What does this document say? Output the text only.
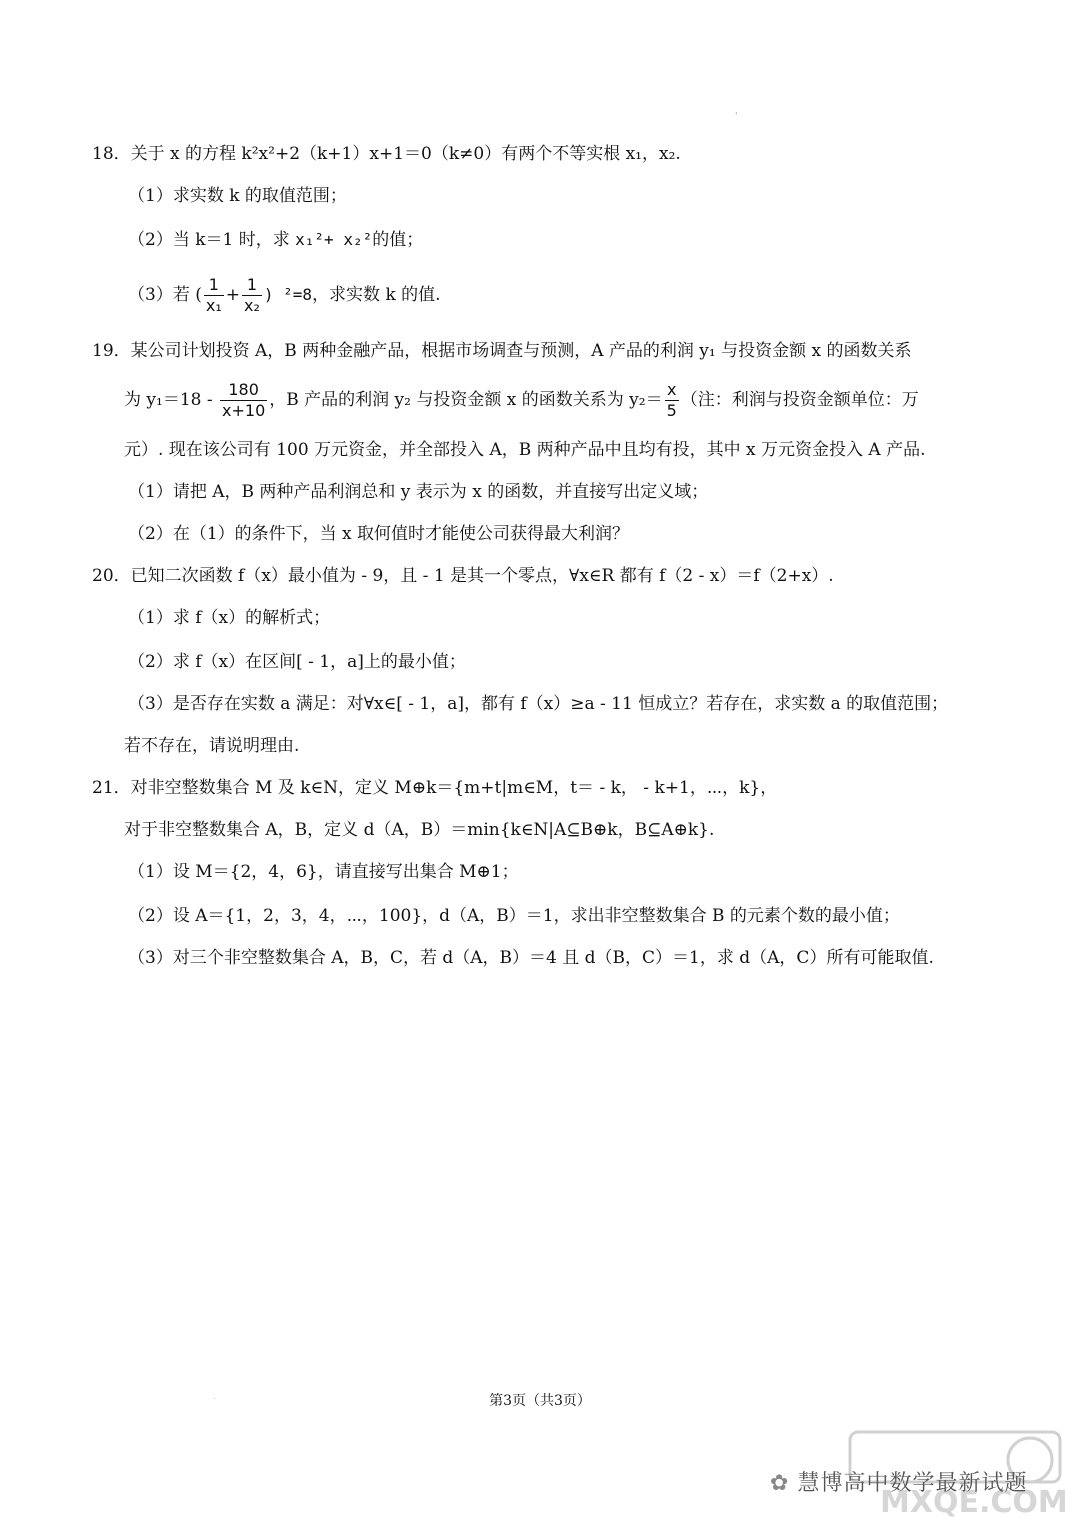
'
18．关于 x 的方程 k²x²+2（k+1）x+1＝0（k≠0）有两个不等实根 x₁，x₂.
（1）求实数 k 的取值范围；
（2）当 k＝1 时，求 x₁²+ x₂²的值；
（3）若 ( $\frac{1}{\text{x₁}} + \frac{1}{\text{x₂}}$ ) ²=8，求实数 k 的值.
19．某公司计划投资 A，B 两种金融产品，根据市场调查与预测，A 产品的利润 y₁ 与投资金额 x 的函数关系
为 $y_1=18 - \frac{180}{x+10}$ ，B 产品的利润 y₂ 与投资金额 x 的函数关系为 $y_2= \frac{x}{5}$ （注：利润与投资金额单位：万
元）. 现在该公司有 100 万元资金，并全部投入 A，B 两种产品中且均有投，其中 x 万元资金投入 A 产品.
（1）请把 A，B 两种产品利润总和 y 表示为 x 的函数，并直接写出定义域；
（2）在（1）的条件下，当 x 取何值时才能使公司获得最大利润？
20．已知二次函数 f（x）最小值为 - 9，且 - 1 是其一个零点，∀x∈R 都有 f（2 - x）＝f（2+x）.
（1）求 f（x）的解析式；
（2）求 f（x）在区间[ - 1，a]上的最小值；
（3）是否存在实数 a 满足：对∀x∈[ - 1，a]，都有 f（x）≥a - 11 恒成立？若存在，求实数 a 的取值范围；
若不存在，请说明理由.
21．对非空整数集合 M 及 k∈N，定义 M⊕k＝{m+t|m∈M，t＝ - k， - k+1，⋯，k}，
对于非空整数集合 A，B，定义 d（A，B）＝min{k∈N|A⊆B⊕k，B⊆A⊕k}.
（1）设 M＝{2，4，6}，请直接写出集合 M⊕1；
（2）设 A＝{1，2，3，4，⋯，100}，d（A，B）＝1，求出非空整数集合 B 的元素个数的最小值；
（3）对三个非空整数集合 A，B，C，若 d（A，B）＝4 且 d（B，C）＝1，求 d（A，C）所有可能取值.
.	第3页（共3页）
MXQE.COM
✿ 慧博高中数学最新试题
